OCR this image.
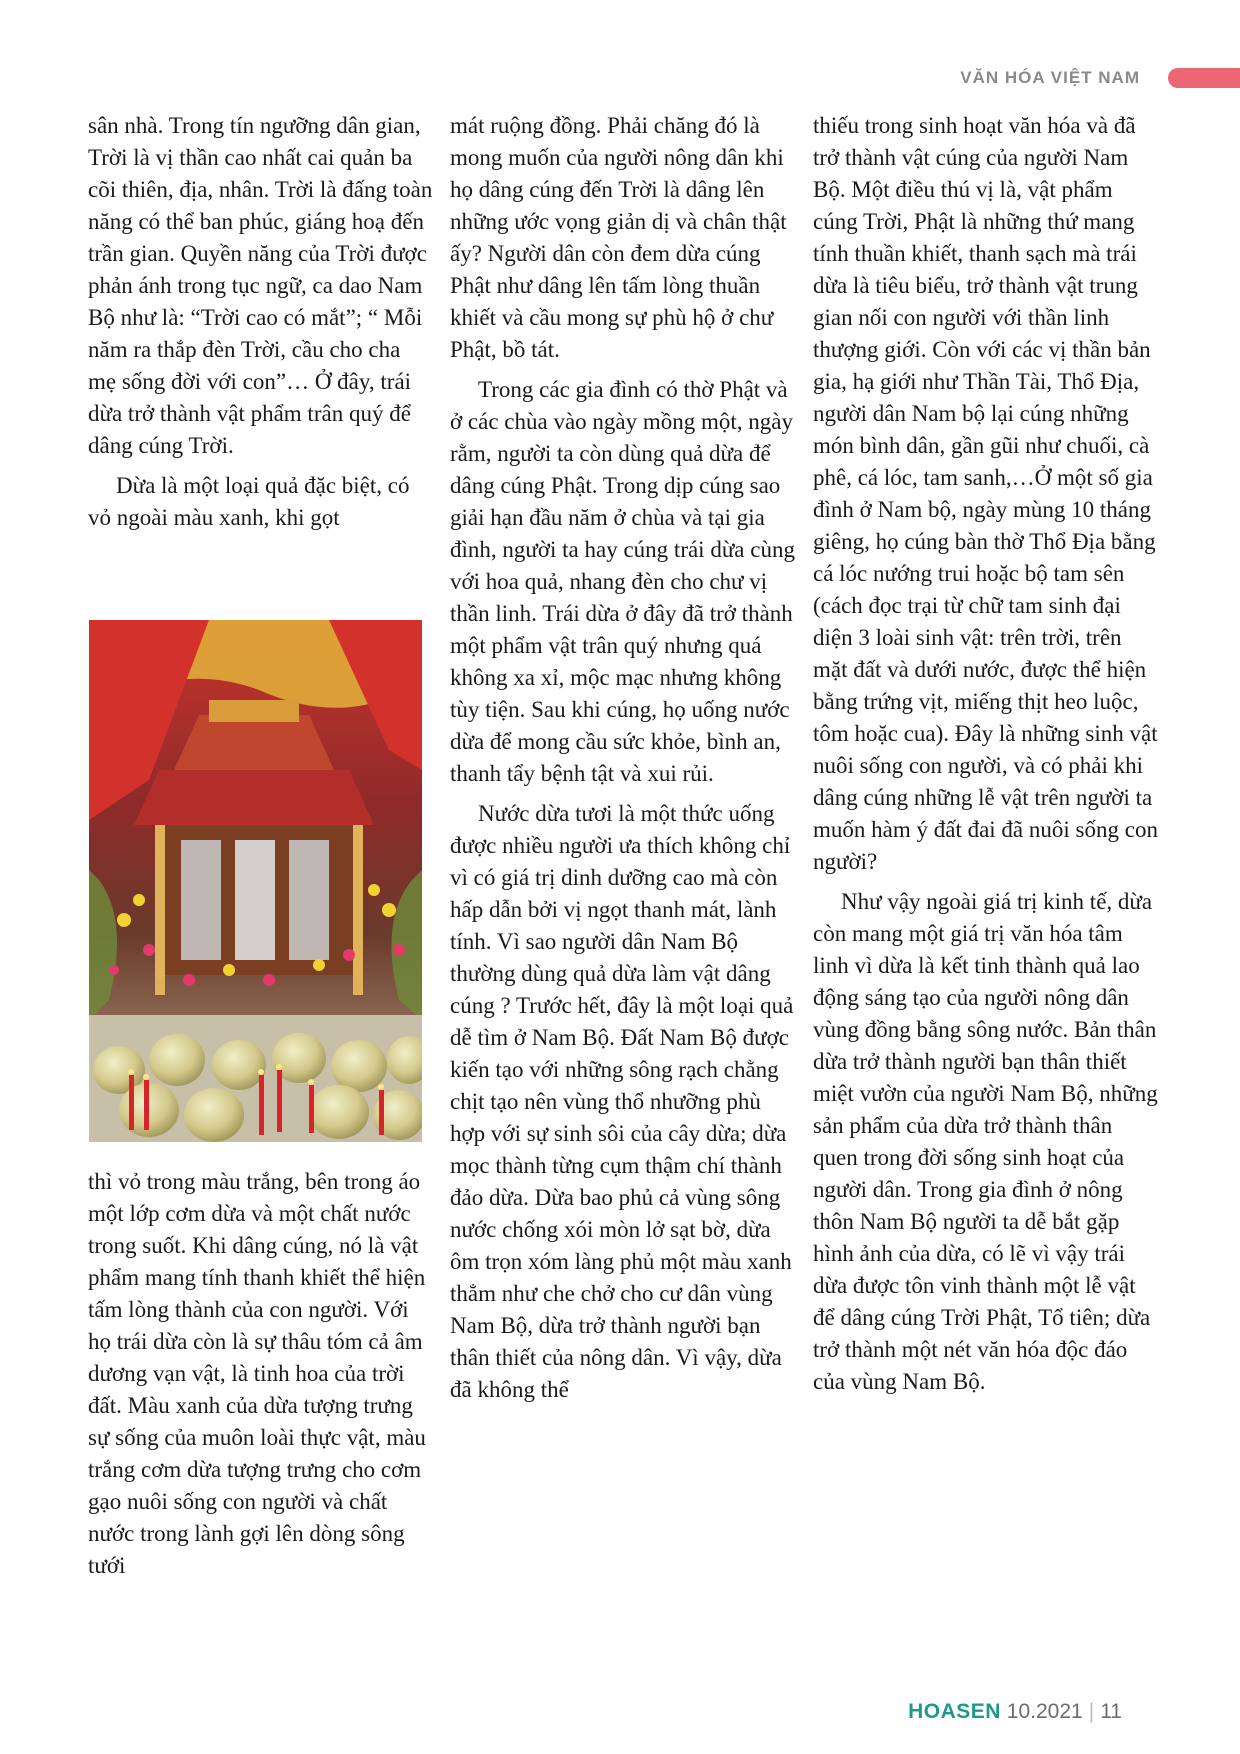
VĂN HÓA VIỆT NAM

sân nhà. Trong tín ngưỡng dân gian, Trời là vị thần cao nhất cai quản ba cõi thiên, địa, nhân. Trời là đấng toàn năng có thể ban phúc, giáng hoạ đến trần gian. Quyền năng của Trời được phản ánh trong tục ngữ, ca dao Nam Bộ như là: “Trời cao có mắt”; “ Mỗi năm ra thắp đèn Trời, cầu cho cha mẹ sống đời với con”… Ở đây, trái dừa trở thành vật phẩm trân quý để dâng cúng Trời.

Dừa là một loại quả đặc biệt, có vỏ ngoài màu xanh, khi gọt

thì vỏ trong màu trắng, bên trong áo một lớp cơm dừa và một chất nước trong suốt. Khi dâng cúng, nó là vật phẩm mang tính thanh khiết thể hiện tấm lòng thành của con người. Với họ trái dừa còn là sự thâu tóm cả âm dương vạn vật, là tinh hoa của trời đất. Màu xanh của dừa tượng trưng sự sống của muôn loài thực vật, màu trắng cơm dừa tượng trưng cho cơm gạo nuôi sống con người và chất nước trong lành gợi lên dòng sông tưới

mát ruộng đồng. Phải chăng đó là mong muốn của người nông dân khi họ dâng cúng đến Trời là dâng lên những ước vọng giản dị và chân thật ấy? Người dân còn đem dừa cúng Phật như dâng lên tấm lòng thuần khiết và cầu mong sự phù hộ ở chư Phật, bồ tát.

Trong các gia đình có thờ Phật và ở các chùa vào ngày mồng một, ngày rằm, người ta còn dùng quả dừa để dâng cúng Phật. Trong dịp cúng sao giải hạn đầu năm ở chùa và tại gia đình, người ta hay cúng trái dừa cùng với hoa quả, nhang đèn cho chư vị thần linh. Trái dừa ở đây đã trở thành một phẩm vật trân quý nhưng quá không xa xỉ, mộc mạc nhưng không tùy tiện. Sau khi cúng, họ uống nước dừa để mong cầu sức khỏe, bình an, thanh tẩy bệnh tật và xui rủi.

Nước dừa tươi là một thức uống được nhiều người ưa thích không chỉ vì có giá trị dinh dưỡng cao mà còn hấp dẫn bởi vị ngọt thanh mát, lành tính. Vì sao người dân Nam Bộ thường dùng quả dừa làm vật dâng cúng ? Trước hết, đây là một loại quả dễ tìm ở Nam Bộ. Đất Nam Bộ được kiến tạo với những sông rạch chằng chịt tạo nên vùng thổ nhưỡng phù hợp với sự sinh sôi của cây dừa; dừa mọc thành từng cụm thậm chí thành đảo dừa. Dừa bao phủ cả vùng sông nước chống xói mòn lở sạt bờ, dừa ôm trọn xóm làng phủ một màu xanh thẳm như che chở cho cư dân vùng Nam Bộ, dừa trở thành người bạn thân thiết của nông dân. Vì vậy, dừa đã không thể

thiếu trong sinh hoạt văn hóa và đã trở thành vật cúng của người Nam Bộ. Một điều thú vị là, vật phẩm cúng Trời, Phật là những thứ mang tính thuần khiết, thanh sạch mà trái dừa là tiêu biểu, trở thành vật trung gian nối con người với thần linh thượng giới. Còn với các vị thần bản gia, hạ giới như Thần Tài, Thổ Địa, người dân Nam bộ lại cúng những món bình dân, gần gũi như chuối, cà phê, cá lóc, tam sanh,…Ở một số gia đình ở Nam bộ, ngày mùng 10 tháng giêng, họ cúng bàn thờ Thổ Địa bằng cá lóc nướng trui hoặc bộ tam sên (cách đọc trại từ chữ tam sinh đại diện 3 loài sinh vật: trên trời, trên mặt đất và dưới nước, được thể hiện bằng trứng vịt, miếng thịt heo luộc, tôm hoặc cua). Đây là những sinh vật nuôi sống con người, và có phải khi dâng cúng những lễ vật trên người ta muốn hàm ý đất đai đã nuôi sống con người?

Như vậy ngoài giá trị kinh tế, dừa còn mang một giá trị văn hóa tâm linh vì dừa là kết tinh thành quả lao động sáng tạo của người nông dân vùng đồng bằng sông nước. Bản thân dừa trở thành người bạn thân thiết miệt vườn của người Nam Bộ, những sản phẩm của dừa trở thành thân quen trong đời sống sinh hoạt của người dân. Trong gia đình ở nông thôn Nam Bộ người ta dễ bắt gặp hình ảnh của dừa, có lẽ vì vậy trái dừa được tôn vinh thành một lễ vật để dâng cúng Trời Phật, Tổ tiên; dừa trở thành một nét văn hóa độc đáo của vùng Nam Bộ.

HOASEN 10.2021 | 11
